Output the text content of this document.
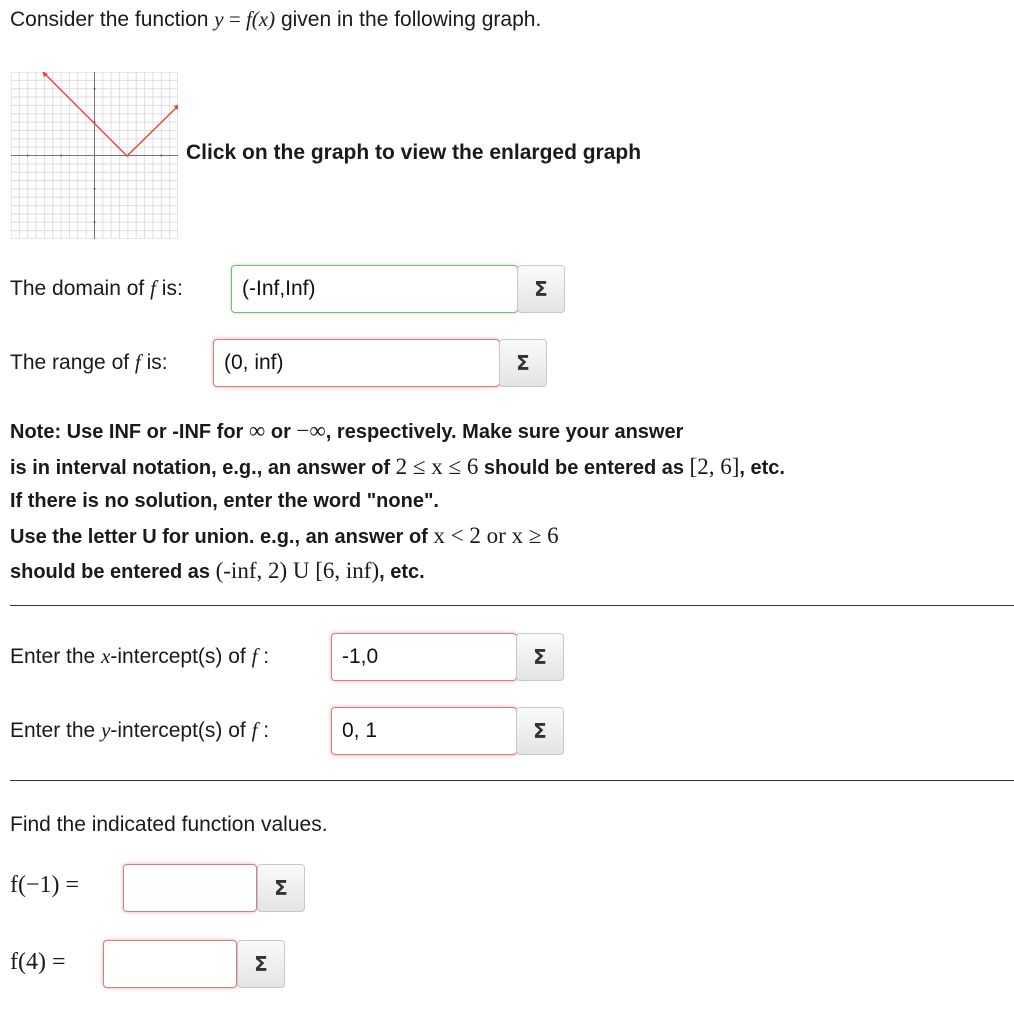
Consider the function y = f(x) given in the following graph.
Click on the graph to view the enlarged graph
The domain of f is:
(-Inf,Inf)	Σ
The range of f is:
(0, inf)	Σ
Note: Use INF or -INF for ∞ or −∞, respectively. Make sure your answer
is in interval notation, e.g., an answer of 2 ≤ x ≤ 6 should be entered as [2, 6], etc.
If there is no solution, enter the word "none".
Use the letter U for union. e.g., an answer of x < 2 or x ≥ 6
should be entered as (-inf, 2) U [6, inf), etc.
Enter the x-intercept(s) of f :
-1,0	Σ
Enter the y-intercept(s) of f :
0, 1	Σ
Find the indicated function values.
f(−1) =	Σ
f(4) =	Σ
